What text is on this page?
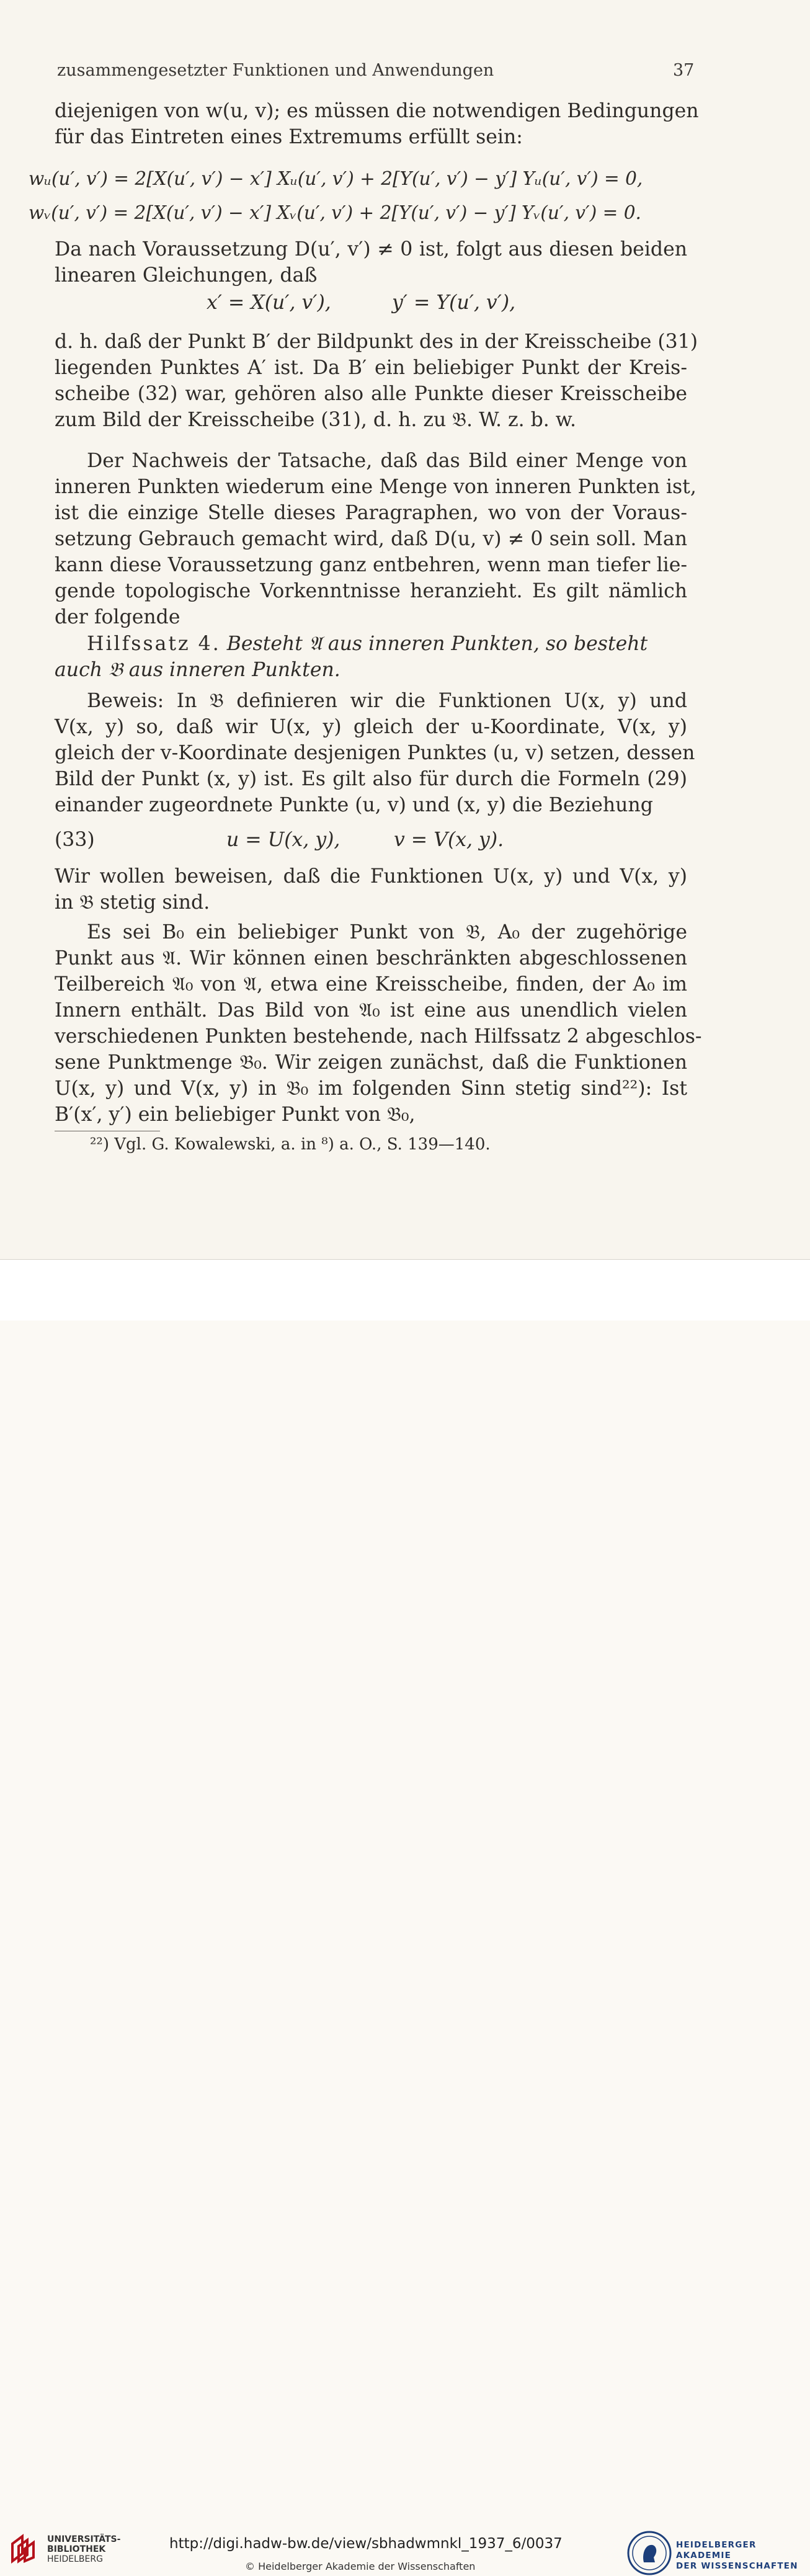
zusammengesetzter Funktionen und Anwendungen	37
diejenigen von w(u, v); es müssen die notwendigen Bedingungen
für das Eintreten eines Extremums erfüllt sein:
wᵤ(u′, v′) = 2[X(u′, v′) − x′] Xᵤ(u′, v′) + 2[Y(u′, v′) − y′] Yᵤ(u′, v′) = 0,
wᵥ(u′, v′) = 2[X(u′, v′) − x′] Xᵥ(u′, v′) + 2[Y(u′, v′) − y′] Yᵥ(u′, v′) = 0.
Da nach Voraussetzung D(u′, v′) ≠ 0 ist, folgt aus diesen beiden
linearen Gleichungen, daß
x′ = X(u′, v′),	y′ = Y(u′, v′),
d. h. daß der Punkt B′ der Bildpunkt des in der Kreisscheibe (31)
liegenden Punktes A′ ist. Da B′ ein beliebiger Punkt der Kreis-
scheibe (32) war, gehören also alle Punkte dieser Kreisscheibe
zum Bild der Kreisscheibe (31), d. h. zu 𝔅. W. z. b. w.
Der Nachweis der Tatsache, daß das Bild einer Menge von
inneren Punkten wiederum eine Menge von inneren Punkten ist,
ist die einzige Stelle dieses Paragraphen, wo von der Voraus-
setzung Gebrauch gemacht wird, daß D(u, v) ≠ 0 sein soll. Man
kann diese Voraussetzung ganz entbehren, wenn man tiefer lie-
gende topologische Vorkenntnisse heranzieht. Es gilt nämlich
der folgende
Hilfssatz 4. Besteht 𝔄 aus inneren Punkten, so besteht
auch 𝔅 aus inneren Punkten.
Beweis: In 𝔅 definieren wir die Funktionen U(x, y) und
V(x, y) so, daß wir U(x, y) gleich der u-Koordinate, V(x, y)
gleich der v-Koordinate desjenigen Punktes (u, v) setzen, dessen
Bild der Punkt (x, y) ist. Es gilt also für durch die Formeln (29)
einander zugeordnete Punkte (u, v) und (x, y) die Beziehung
(33)	u = U(x, y),	v = V(x, y).
Wir wollen beweisen, daß die Funktionen U(x, y) und V(x, y)
in 𝔅 stetig sind.
Es sei B₀ ein beliebiger Punkt von 𝔅, A₀ der zugehörige
Punkt aus 𝔄. Wir können einen beschränkten abgeschlossenen
Teilbereich 𝔄₀ von 𝔄, etwa eine Kreisscheibe, finden, der A₀ im
Innern enthält. Das Bild von 𝔄₀ ist eine aus unendlich vielen
verschiedenen Punkten bestehende, nach Hilfssatz 2 abgeschlos-
sene Punktmenge 𝔅₀. Wir zeigen zunächst, daß die Funktionen
U(x, y) und V(x, y) in 𝔅₀ im folgenden Sinn stetig sind²²): Ist
B′(x′, y′) ein beliebiger Punkt von 𝔅₀,
²²) Vgl. G. Kowalewski, a. in ⁸) a. O., S. 139—140.
UNIVERSITÄTS-
BIBLIOTHEK
HEIDELBERG
http://digi.hadw-bw.de/view/sbhadwmnkl_1937_6/0037
© Heidelberger Akademie der Wissenschaften
HEIDELBERGER AKADEMIE
DER WISSENSCHAFTEN
